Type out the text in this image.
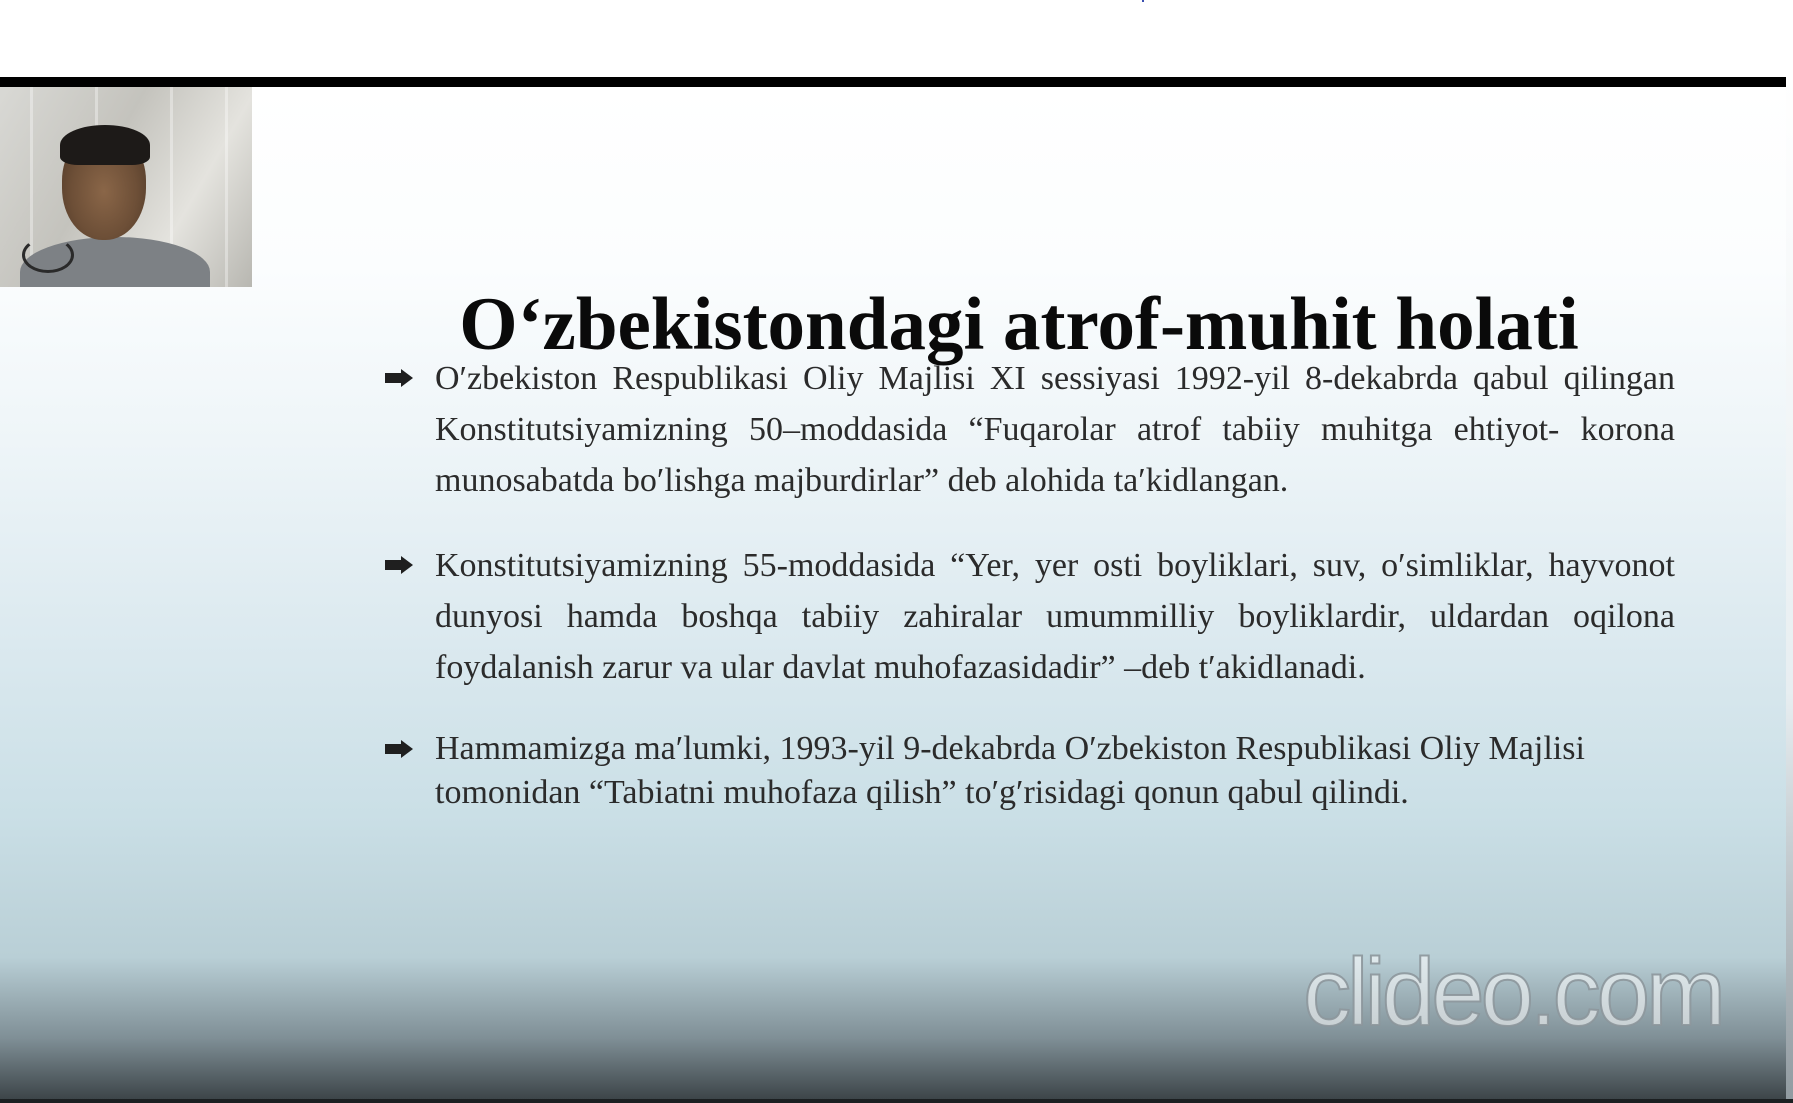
O‘zbekistondagi atrof-muhit holati
O′zbekiston Respublikasi Oliy Majlisi XI sessiyasi 1992-yil 8-dekabrda qabul qilingan Konstitutsiyamizning 50–moddasida “Fuqarolar atrof tabiiy muhitga ehtiyot- korona munosabatda bo′lishga majburdirlar” deb alohida ta′kidlangan.
Konstitutsiyamizning 55-moddasida “Yer, yer osti boyliklari, suv, o′simliklar, hayvonot dunyosi hamda boshqa tabiiy zahiralar umummilliy boyliklardir, uldardan oqilona foydalanish zarur va ular davlat muhofazasidadir” –deb t′akidlanadi.
Hammamizga ma′lumki, 1993-yil 9-dekabrda O′zbekiston Respublikasi Oliy Majlisi tomonidan “Tabiatni muhofaza qilish” to′g′risidagi qonun qabul qilindi.
clideo.com
